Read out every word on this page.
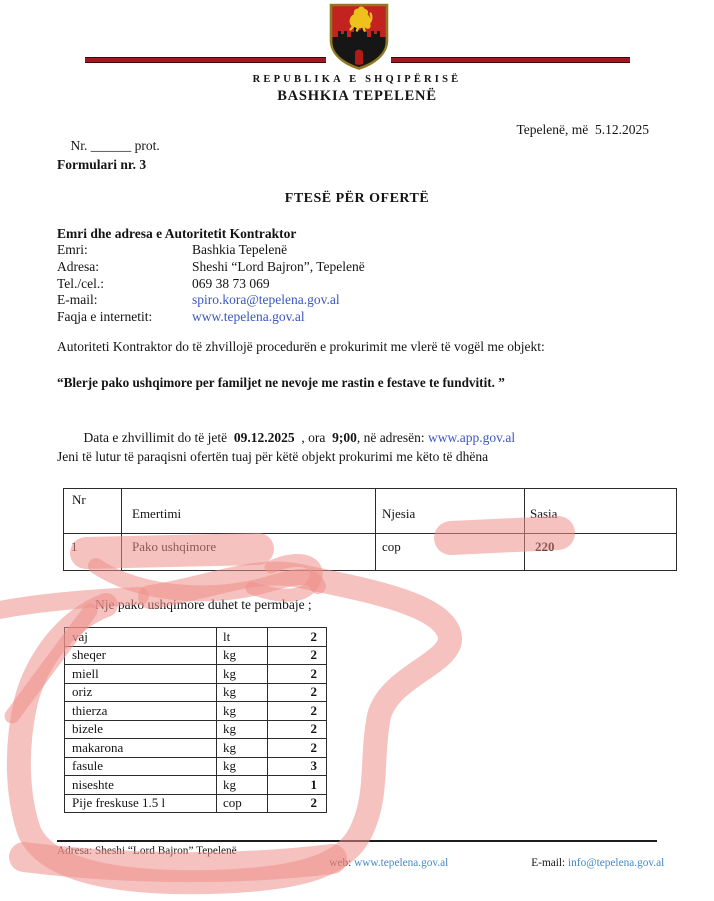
REPUBLIKA E SHQIPËRISË
BASHKIA TEPELENË

Nr. ______ prot.

Tepelenë, më  5.12.2025
Formulari nr. 3
FTESË PËR OFERTË
Emri dhe adresa e Autoritetit Kontraktor
Emri:	Bashkia Tepelenë
Adresa:	Sheshi “Lord Bajron”, Tepelenë
Tel./cel.:	069 38 73 069
E-mail:	spiro.kora@tepelena.gov.al
Faqja e internetit:	www.tepelena.gov.al
Autoriteti Kontraktor do të zhvillojë procedurën e prokurimit me vlerë të vogël me objekt:
“Blerje pako ushqimore per familjet ne nevoje me rastin e festave te fundvitit. ”

Data e zhvillimit do të jetë  09.12.2025  , ora  9;00, në adresën: www.app.gov.al

Jeni të lutur të paraqisni ofertën tuaj për këtë objekt prokurimi me këto të dhëna
Nr	Emertimi	Njesia	Sasia
1	Pako ushqimore	cop	220
Nje pako ushqimore duhet te permbaje ;
vaj	lt	2
sheqer	kg	2
miell	kg	2
oriz	kg	2
thierza	kg	2
bizele	kg	2
makarona	kg	2
fasule	kg	3
niseshte	kg	1
Pije freskuse 1.5 l	cop	2
Adresa: Sheshi “Lord Bajron” Tepelenë

web: www.tepelena.gov.al
	E-mail: info@tepelena.gov.al
